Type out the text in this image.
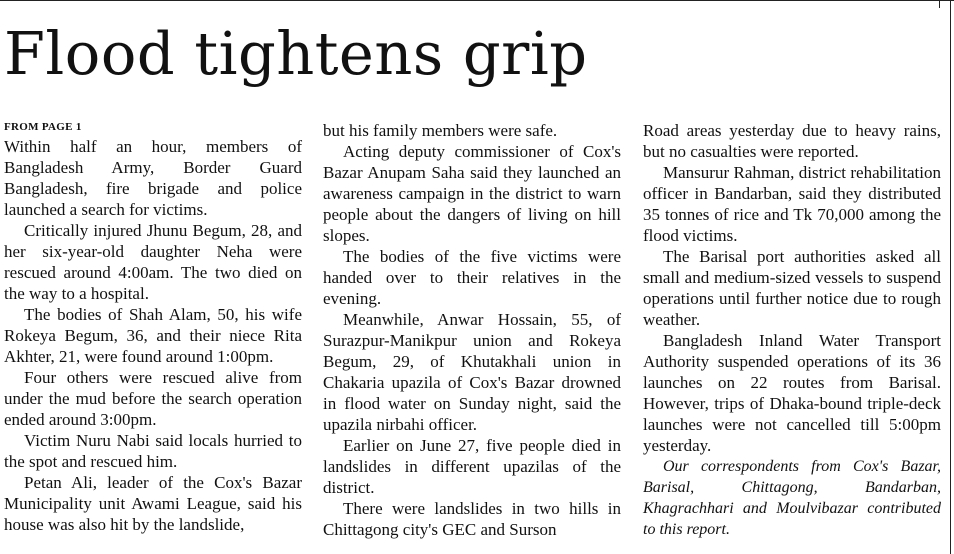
Flood tightens grip
FROM PAGE 1

Within half an hour, members of Bangladesh Army, Border Guard Bangladesh, fire brigade and police launched a search for victims.

Critically injured Jhunu Begum, 28, and her six-year-old daughter Neha were rescued around 4:00am. The two died on the way to a hospital.

The bodies of Shah Alam, 50, his wife Rokeya Begum, 36, and their niece Rita Akhter, 21, were found around 1:00pm.

Four others were rescued alive from under the mud before the search operation ended around 3:00pm.

Victim Nuru Nabi said locals hurried to the spot and rescued him.

Petan Ali, leader of the Cox's Bazar Municipality unit Awami League, said his house was also hit by the landslide,

but his family members were safe.

Acting deputy commissioner of Cox's Bazar Anupam Saha said they launched an awareness campaign in the district to warn people about the dangers of living on hill slopes.

The bodies of the five victims were handed over to their relatives in the evening.

Meanwhile, Anwar Hossain, 55, of Surazpur-Manikpur union and Rokeya Begum, 29, of Khutakhali union in Chakaria upazila of Cox's Bazar drowned in flood water on Sunday night, said the upazila nirbahi officer.

Earlier on June 27, five people died in landslides in different upazilas of the district.

There were landslides in two hills in Chittagong city's GEC and Surson

Road areas yesterday due to heavy rains, but no casualties were reported.

Mansurur Rahman, district rehabilitation officer in Bandarban, said they distributed 35 tonnes of rice and Tk 70,000 among the flood victims.

The Barisal port authorities asked all small and medium-sized vessels to suspend operations until further notice due to rough weather.

Bangladesh Inland Water Transport Authority suspended operations of its 36 launches on 22 routes from Barisal. However, trips of Dhaka-bound triple-deck launches were not cancelled till 5:00pm yesterday.

Our correspondents from Cox's Bazar, Barisal, Chittagong, Bandarban, Khagrachhari and Moulvibazar contributed to this report.
